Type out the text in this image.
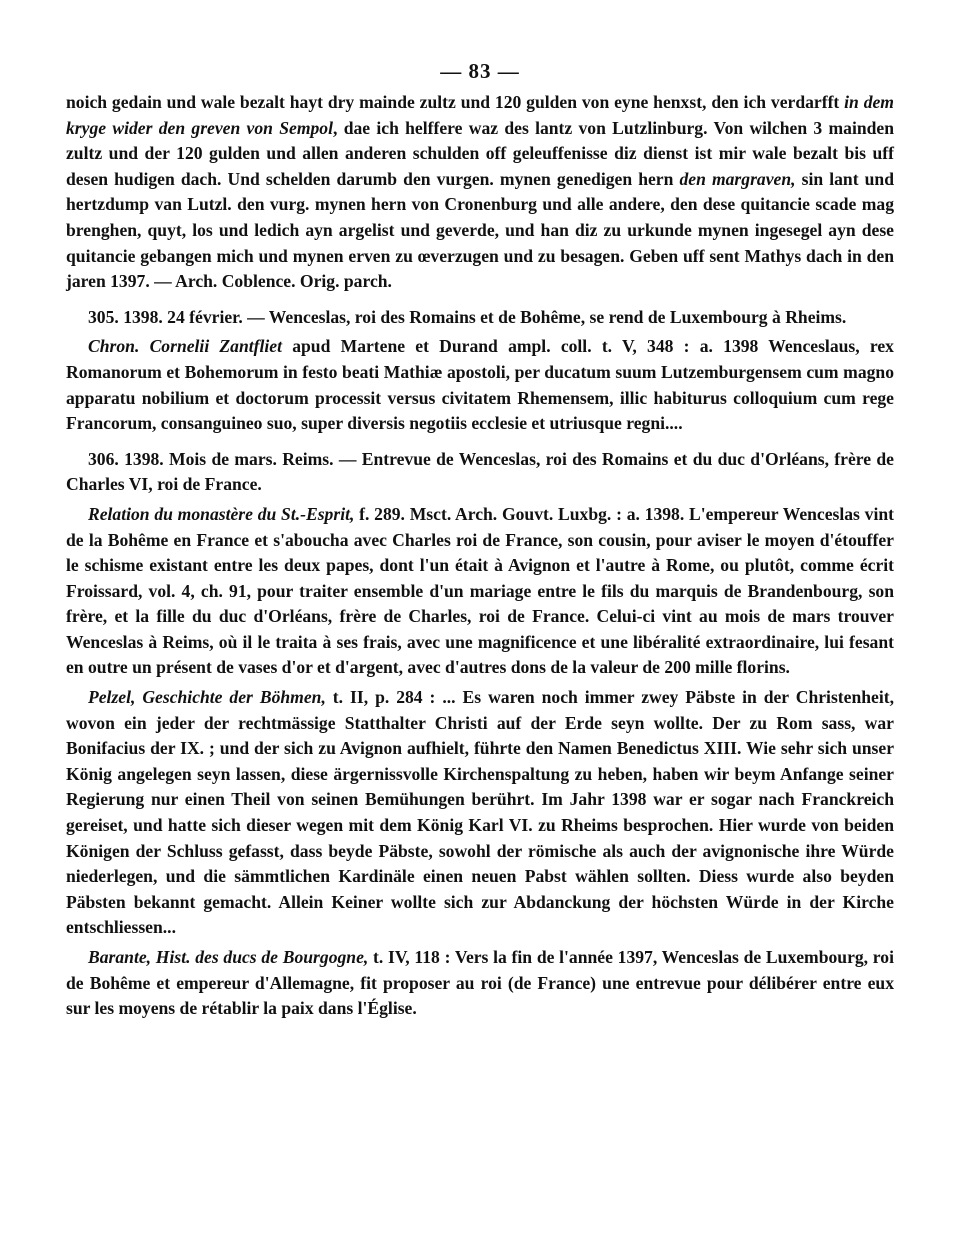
— 83 —

noich gedain und wale bezalt hayt dry mainde zultz und 120 gulden von eyne henxst, den ich verdarfft in dem kryge wider den greven von Sempol, dae ich helffere waz des lantz von Lutzlinburg. Von wilchen 3 mainden zultz und der 120 gulden und allen anderen schulden off geleuffenisse diz dienst ist mir wale bezalt bis uff desen hudigen dach. Und schelden darumb den vurgen. mynen genedigen hern den margraven, sin lant und hertzdump van Lutzl. den vurg. mynen hern von Cronenburg und alle andere, den dese quitancie scade mag brenghen, quyt, los und ledich ayn argelist und geverde, und han diz zu urkunde mynen ingesegel ayn dese quitancie gebangen mich und mynen erven zu œverzugen und zu besagen. Geben uff sent Mathys dach in den jaren 1397. — Arch. Coblence. Orig. parch.

305. 1398. 24 février. — Wenceslas, roi des Romains et de Bohême, se rend de Luxembourg à Rheims.

Chron. Cornelii Zantfliet apud Martene et Durand ampl. coll. t. V, 348 : a. 1398 Wenceslaus, rex Romanorum et Bohemorum in festo beati Mathiæ apostoli, per ducatum suum Lutzemburgensem cum magno apparatu nobilium et doctorum processit versus civitatem Rhemensem, illic habiturus colloquium cum rege Francorum, consanguineo suo, super diversis negotiis ecclesie et utriusque regni....

306. 1398. Mois de mars. Reims. — Entrevue de Wenceslas, roi des Romains et du duc d'Orléans, frère de Charles VI, roi de France.

Relation du monastère du St.-Esprit, f. 289. Msct. Arch. Gouvt. Luxbg. : a. 1398. L'empereur Wenceslas vint de la Bohême en France et s'aboucha avec Charles roi de France, son cousin, pour aviser le moyen d'étouffer le schisme existant entre les deux papes, dont l'un était à Avignon et l'autre à Rome, ou plutôt, comme écrit Froissard, vol. 4, ch. 91, pour traiter ensemble d'un mariage entre le fils du marquis de Brandenbourg, son frère, et la fille du duc d'Orléans, frère de Charles, roi de France. Celui-ci vint au mois de mars trouver Wenceslas à Reims, où il le traita à ses frais, avec une magnificence et une libéralité extraordinaire, lui fesant en outre un présent de vases d'or et d'argent, avec d'autres dons de la valeur de 200 mille florins.

Pelzel, Geschichte der Böhmen, t. II, p. 284 : ... Es waren noch immer zwey Päbste in der Christenheit, wovon ein jeder der rechtmässige Statthalter Christi auf der Erde seyn wollte. Der zu Rom sass, war Bonifacius der IX. ; und der sich zu Avignon aufhielt, führte den Namen Benedictus XIII. Wie sehr sich unser König angelegen seyn lassen, diese ärgernissvolle Kirchenspaltung zu heben, haben wir beym Anfange seiner Regierung nur einen Theil von seinen Bemühungen berührt. Im Jahr 1398 war er sogar nach Franckreich gereiset, und hatte sich dieser wegen mit dem König Karl VI. zu Rheims besprochen. Hier wurde von beiden Königen der Schluss gefasst, dass beyde Päbste, sowohl der römische als auch der avignonische ihre Würde niederlegen, und die sämmtlichen Kardinäle einen neuen Pabst wählen sollten. Diess wurde also beyden Päbsten bekannt gemacht. Allein Keiner wollte sich zur Abdanckung der höchsten Würde in der Kirche entschliessen...

Barante, Hist. des ducs de Bourgogne, t. IV, 118 : Vers la fin de l'année 1397, Wenceslas de Luxembourg, roi de Bohême et empereur d'Allemagne, fit proposer au roi (de France) une entrevue pour délibérer entre eux sur les moyens de rétablir la paix dans l'Église.
